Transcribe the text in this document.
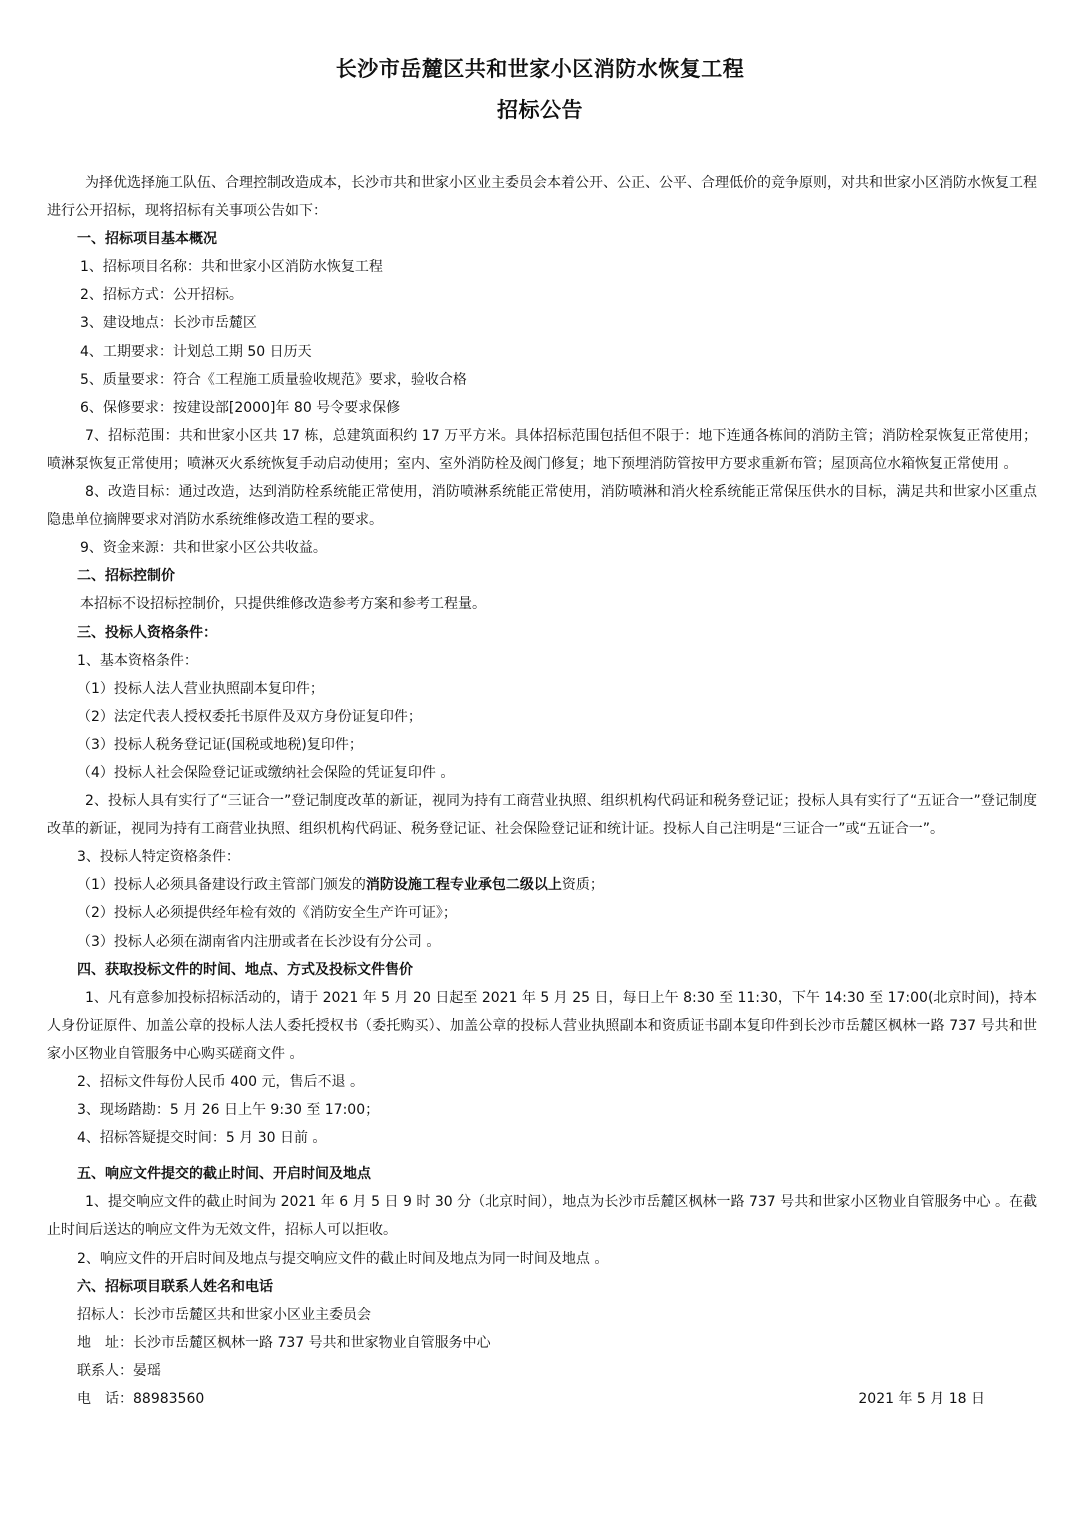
长沙市岳麓区共和世家小区消防水恢复工程
招标公告

为择优选择施工队伍、合理控制改造成本，长沙市共和世家小区业主委员会本着公开、公正、公平、合理低价的竞争原则，对共和世家小区消防水恢复工程进行公开招标，现将招标有关事项公告如下：

一、招标项目基本概况

1、招标项目名称：共和世家小区消防水恢复工程

2、招标方式：公开招标。

3、建设地点：长沙市岳麓区

4、工期要求：计划总工期 50 日历天

5、质量要求：符合《工程施工质量验收规范》要求，验收合格

6、保修要求：按建设部[2000]年 80 号令要求保修

7、招标范围：共和世家小区共 17 栋，总建筑面积约 17 万平方米。具体招标范围包括但不限于：地下连通各栋间的消防主管；消防栓泵恢复正常使用；喷淋泵恢复正常使用；喷淋灭火系统恢复手动启动使用；室内、室外消防栓及阀门修复；地下预埋消防管按甲方要求重新布管；屋顶高位水箱恢复正常使用 。

8、改造目标：通过改造，达到消防栓系统能正常使用，消防喷淋系统能正常使用，消防喷淋和消火栓系统能正常保压供水的目标，满足共和世家小区重点隐患单位摘牌要求对消防水系统维修改造工程的要求。

9、资金来源：共和世家小区公共收益。

二、招标控制价

本招标不设招标控制价，只提供维修改造参考方案和参考工程量。

三、投标人资格条件：

1、基本资格条件：

（1）投标人法人营业执照副本复印件；

（2）法定代表人授权委托书原件及双方身份证复印件；

（3）投标人税务登记证(国税或地税)复印件；

（4）投标人社会保险登记证或缴纳社会保险的凭证复印件 。

2、投标人具有实行了“三证合一”登记制度改革的新证，视同为持有工商营业执照、组织机构代码证和税务登记证；投标人具有实行了“五证合一”登记制度改革的新证，视同为持有工商营业执照、组织机构代码证、税务登记证、社会保险登记证和统计证。投标人自己注明是“三证合一”或“五证合一”。

3、投标人特定资格条件：

（1）投标人必须具备建设行政主管部门颁发的消防设施工程专业承包二级以上资质；

（2）投标人必须提供经年检有效的《消防安全生产许可证》；

（3）投标人必须在湖南省内注册或者在长沙设有分公司 。

四、获取投标文件的时间、地点、方式及投标文件售价

1、凡有意参加投标招标活动的，请于 2021 年 5 月 20 日起至 2021 年 5 月 25 日，每日上午 8:30 至 11:30，下午 14:30 至 17:00(北京时间)，持本人身份证原件、加盖公章的投标人法人委托授权书（委托购买）、加盖公章的投标人营业执照副本和资质证书副本复印件到长沙市岳麓区枫林一路 737 号共和世家小区物业自管服务中心购买磋商文件 。

2、招标文件每份人民币 400 元，售后不退 。

3、现场踏勘：5 月 26 日上午 9:30 至 17:00；

4、招标答疑提交时间：5 月 30 日前 。

五、响应文件提交的截止时间、开启时间及地点

1、提交响应文件的截止时间为 2021 年 6 月 5 日 9 时 30 分（北京时间），地点为长沙市岳麓区枫林一路 737 号共和世家小区物业自管服务中心 。在截止时间后送达的响应文件为无效文件，招标人可以拒收。

2、响应文件的开启时间及地点与提交响应文件的截止时间及地点为同一时间及地点 。

六、招标项目联系人姓名和电话

招标人：长沙市岳麓区共和世家小区业主委员会

地　址：长沙市岳麓区枫林一路 737 号共和世家物业自管服务中心

联系人：晏瑶

电　话：88983560	2021 年 5 月 18 日
